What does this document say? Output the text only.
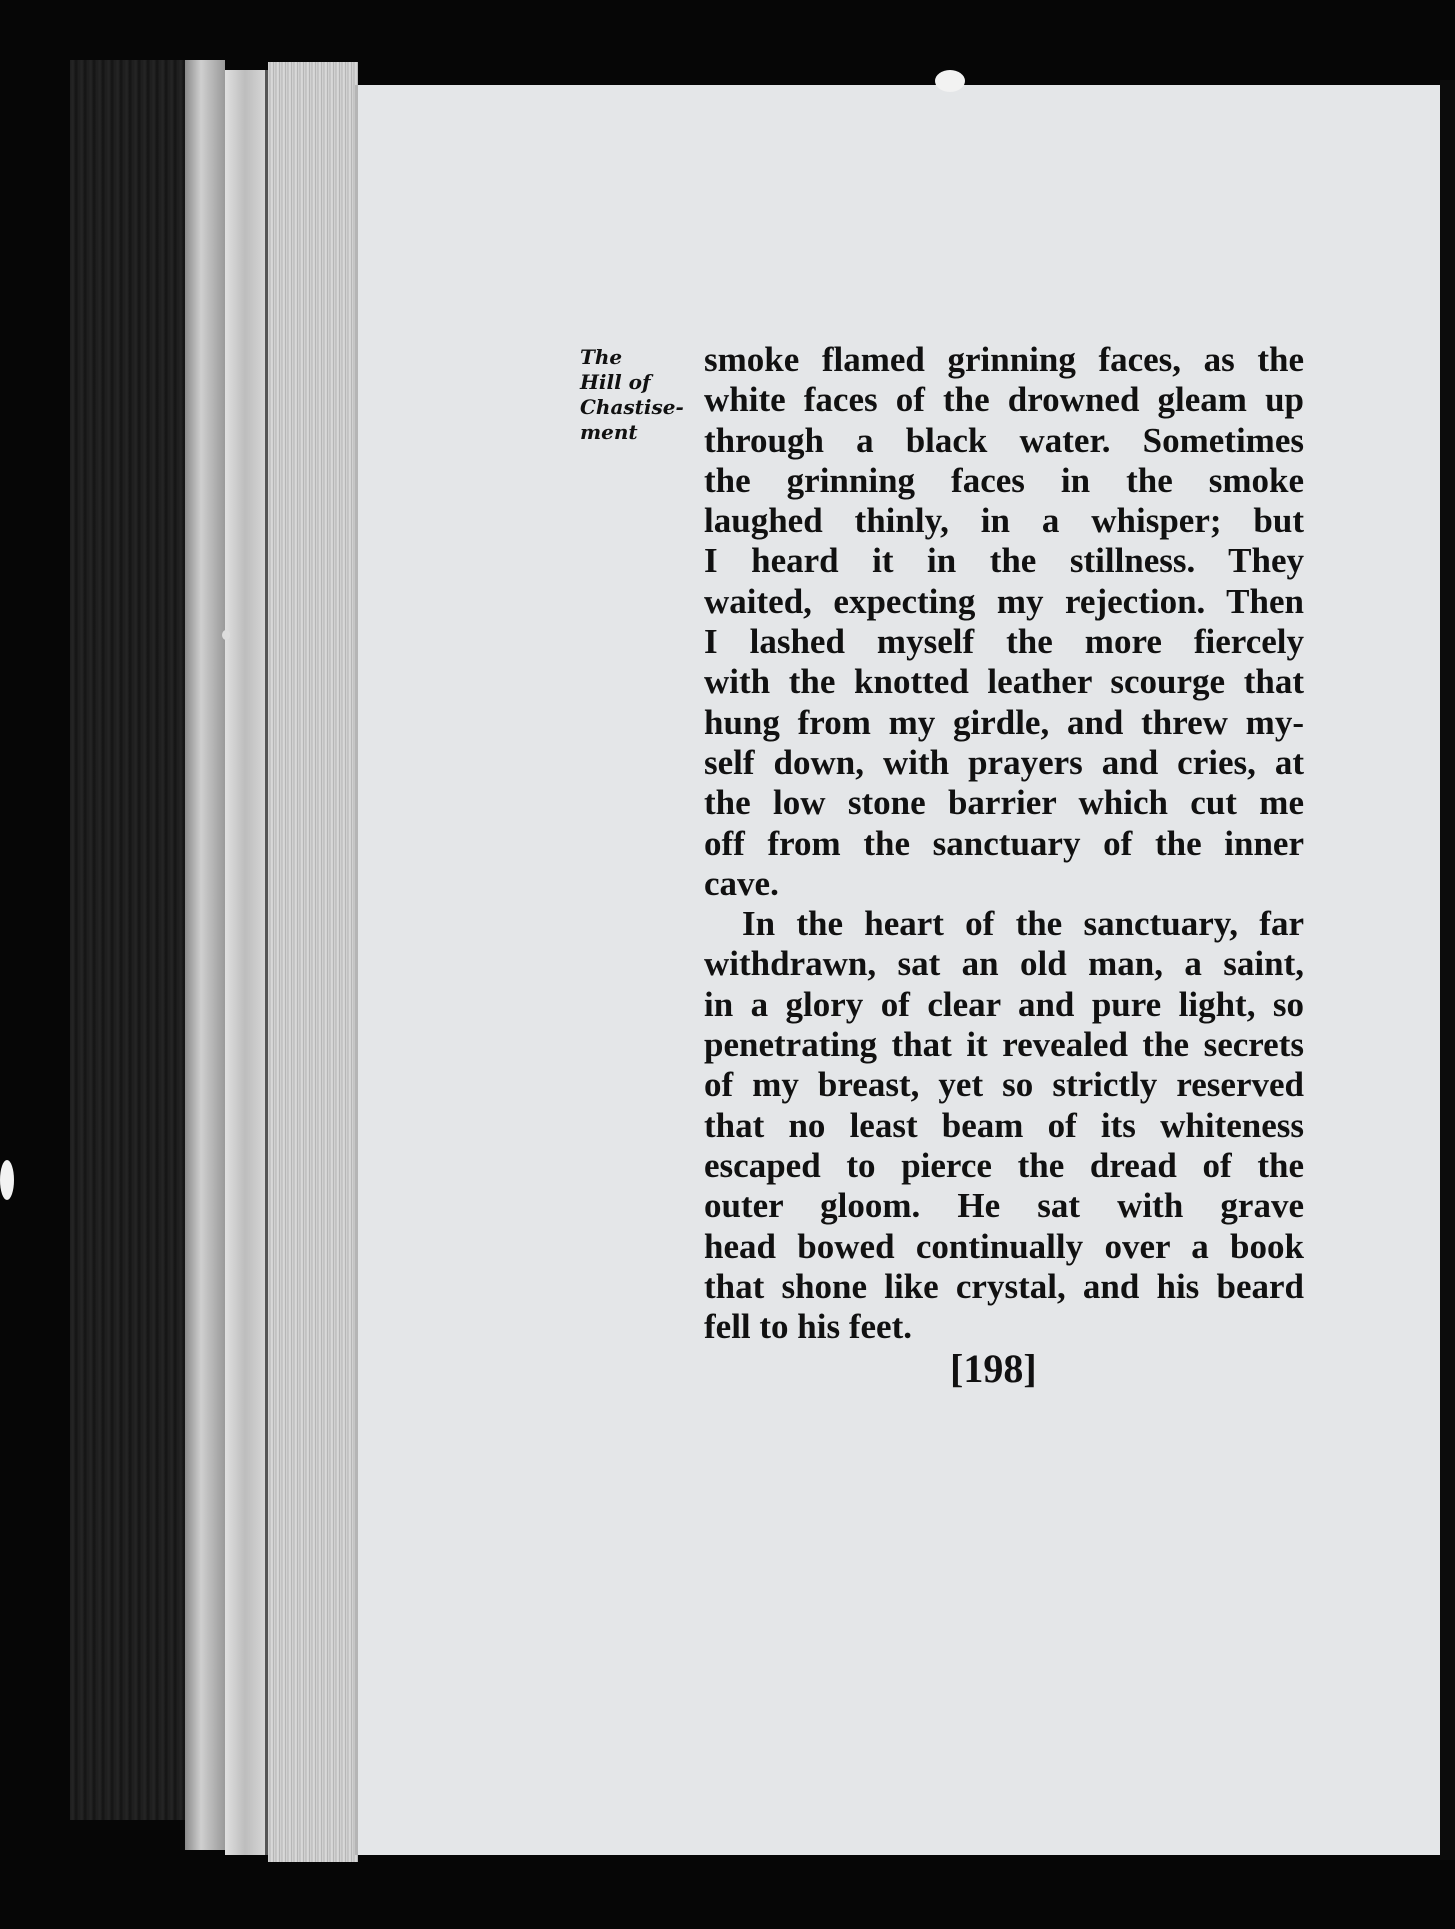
The
Hill of
Chastise-
ment
smoke flamed grinning faces, as the
white faces of the drowned gleam up
through a black water. Sometimes
the grinning faces in the smoke
laughed thinly, in a whisper; but
I heard it in the stillness. They
waited, expecting my rejection. Then
I lashed myself the more fiercely
with the knotted leather scourge that
hung from my girdle, and threw my-
self down, with prayers and cries, at
the low stone barrier which cut me
off from the sanctuary of the inner
cave.
In the heart of the sanctuary, far
withdrawn, sat an old man, a saint,
in a glory of clear and pure light, so
penetrating that it revealed the secrets
of my breast, yet so strictly reserved
that no least beam of its whiteness
escaped to pierce the dread of the
outer gloom. He sat with grave
head bowed continually over a book
that shone like crystal, and his beard
fell to his feet.
[198]
